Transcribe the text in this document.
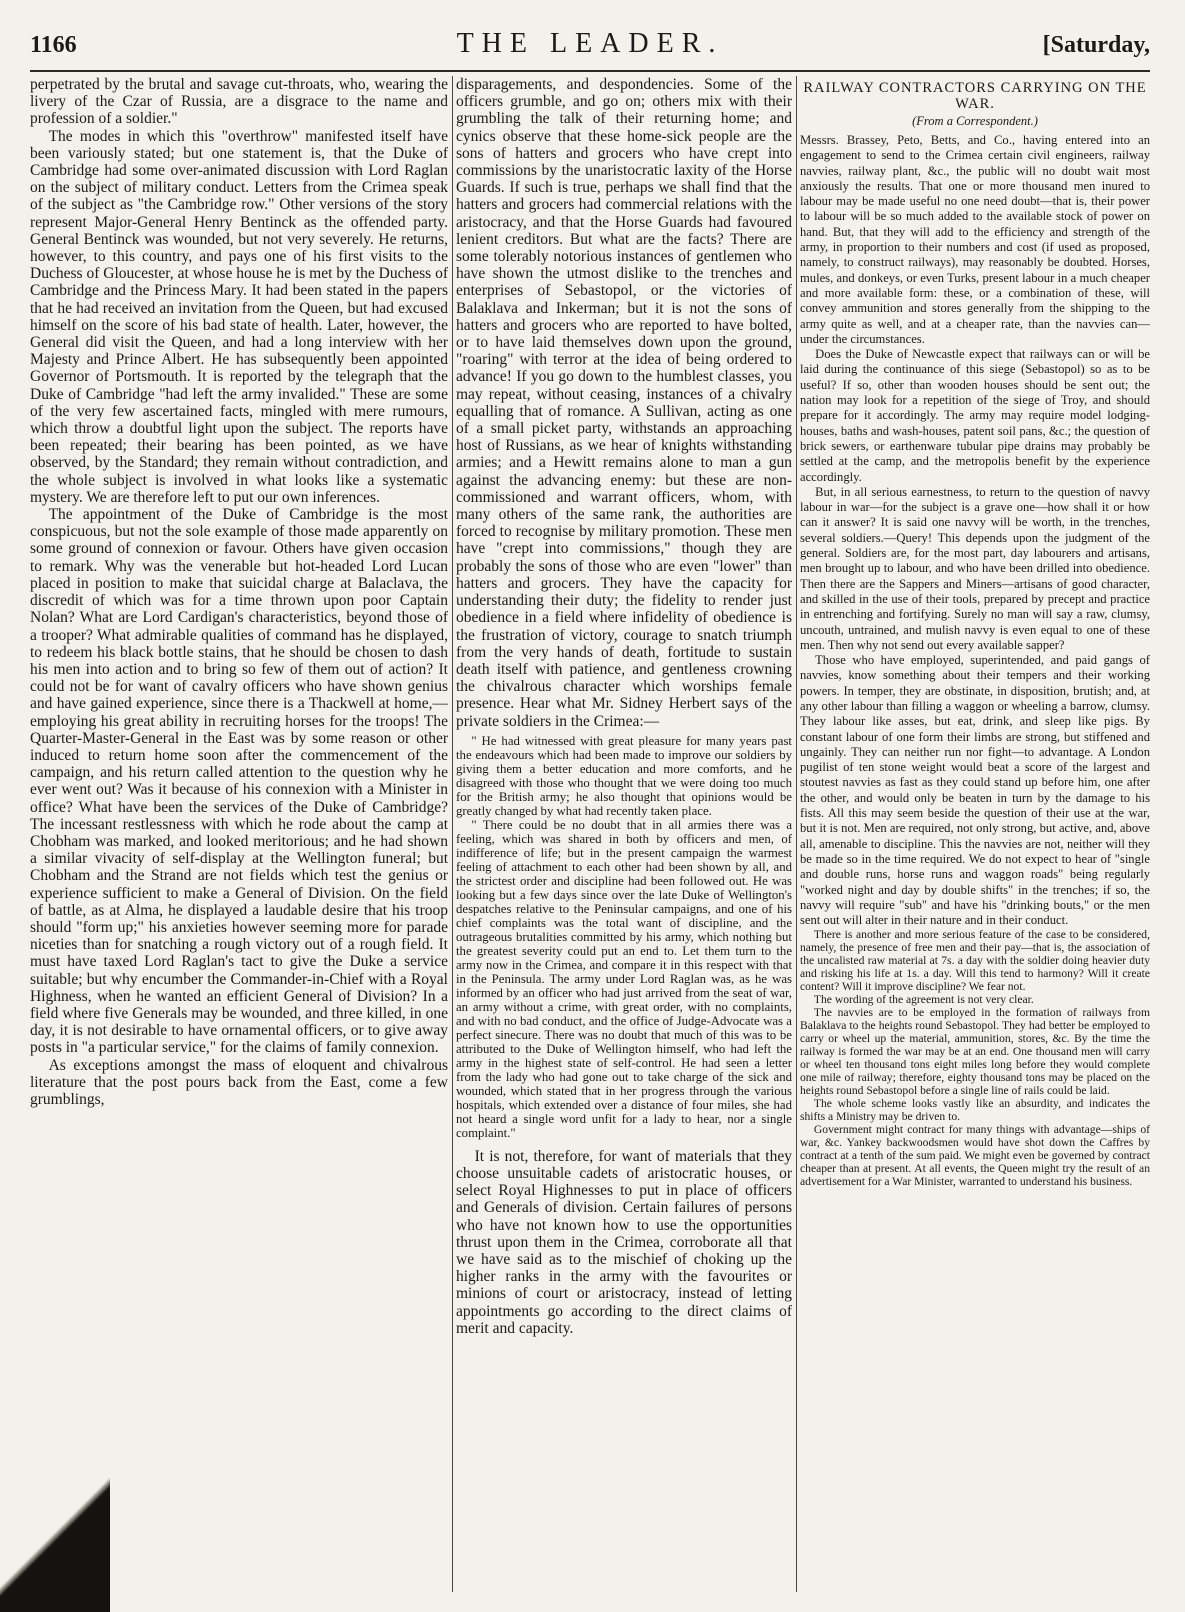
1166	THE LEADER.	[Saturday,

perpetrated by the brutal and savage cut-throats, who, wearing the livery of the Czar of Russia, are a disgrace to the name and profession of a soldier."

The modes in which this "overthrow" manifested itself have been variously stated; but one statement is, that the Duke of Cambridge had some over-animated discussion with Lord Raglan on the subject of military conduct. Letters from the Crimea speak of the subject as "the Cambridge row." Other versions of the story represent Major-General Henry Bentinck as the offended party. General Bentinck was wounded, but not very severely. He returns, however, to this country, and pays one of his first visits to the Duchess of Gloucester, at whose house he is met by the Duchess of Cambridge and the Princess Mary. It had been stated in the papers that he had received an invitation from the Queen, but had excused himself on the score of his bad state of health. Later, however, the General did visit the Queen, and had a long interview with her Majesty and Prince Albert. He has subsequently been appointed Governor of Portsmouth. It is reported by the telegraph that the Duke of Cambridge "had left the army invalided." These are some of the very few ascertained facts, mingled with mere rumours, which throw a doubtful light upon the subject. The reports have been repeated; their bearing has been pointed, as we have observed, by the Standard; they remain without contradiction, and the whole subject is involved in what looks like a systematic mystery. We are therefore left to put our own inferences.

The appointment of the Duke of Cambridge is the most conspicuous, but not the sole example of those made apparently on some ground of connexion or favour. Others have given occasion to remark. Why was the venerable but hot-headed Lord Lucan placed in position to make that suicidal charge at Balaclava, the discredit of which was for a time thrown upon poor Captain Nolan? What are Lord Cardigan's characteristics, beyond those of a trooper? What admirable qualities of command has he displayed, to redeem his black bottle stains, that he should be chosen to dash his men into action and to bring so few of them out of action? It could not be for want of cavalry officers who have shown genius and have gained experience, since there is a Thackwell at home,—employing his great ability in recruiting horses for the troops! The Quarter-Master-General in the East was by some reason or other induced to return home soon after the commencement of the campaign, and his return called attention to the question why he ever went out? Was it because of his connexion with a Minister in office? What have been the services of the Duke of Cambridge? The incessant restlessness with which he rode about the camp at Chobham was marked, and looked meritorious; and he had shown a similar vivacity of self-display at the Wellington funeral; but Chobham and the Strand are not fields which test the genius or experience sufficient to make a General of Division. On the field of battle, as at Alma, he displayed a laudable desire that his troop should "form up;" his anxieties however seeming more for parade niceties than for snatching a rough victory out of a rough field. It must have taxed Lord Raglan's tact to give the Duke a service suitable; but why encumber the Commander-in-Chief with a Royal Highness, when he wanted an efficient General of Division? In a field where five Generals may be wounded, and three killed, in one day, it is not desirable to have ornamental officers, or to give away posts in "a particular service," for the claims of family connexion.

As exceptions amongst the mass of eloquent and chivalrous literature that the post pours back from the East, come a few grumblings,

disparagements, and despondencies. Some of the officers grumble, and go on; others mix with their grumbling the talk of their returning home; and cynics observe that these home-sick people are the sons of hatters and grocers who have crept into commissions by the unaristocratic laxity of the Horse Guards. If such is true, perhaps we shall find that the hatters and grocers had commercial relations with the aristocracy, and that the Horse Guards had favoured lenient creditors. But what are the facts? There are some tolerably notorious instances of gentlemen who have shown the utmost dislike to the trenches and enterprises of Sebastopol, or the victories of Balaklava and Inkerman; but it is not the sons of hatters and grocers who are reported to have bolted, or to have laid themselves down upon the ground, "roaring" with terror at the idea of being ordered to advance! If you go down to the humblest classes, you may repeat, without ceasing, instances of a chivalry equalling that of romance. A Sullivan, acting as one of a small picket party, withstands an approaching host of Russians, as we hear of knights withstanding armies; and a Hewitt remains alone to man a gun against the advancing enemy: but these are non-commissioned and warrant officers, whom, with many others of the same rank, the authorities are forced to recognise by military promotion. These men have "crept into commissions," though they are probably the sons of those who are even "lower" than hatters and grocers. They have the capacity for understanding their duty; the fidelity to render just obedience in a field where infidelity of obedience is the frustration of victory, courage to snatch triumph from the very hands of death, fortitude to sustain death itself with patience, and gentleness crowning the chivalrous character which worships female presence. Hear what Mr. Sidney Herbert says of the private soldiers in the Crimea:—

" He had witnessed with great pleasure for many years past the endeavours which had been made to improve our soldiers by giving them a better education and more comforts, and he disagreed with those who thought that we were doing too much for the British army; he also thought that opinions would be greatly changed by what had recently taken place.

" There could be no doubt that in all armies there was a feeling, which was shared in both by officers and men, of indifference of life; but in the present campaign the warmest feeling of attachment to each other had been shown by all, and the strictest order and discipline had been followed out. He was looking but a few days since over the late Duke of Wellington's despatches relative to the Peninsular campaigns, and one of his chief complaints was the total want of discipline, and the outrageous brutalities committed by his army, which nothing but the greatest severity could put an end to. Let them turn to the army now in the Crimea, and compare it in this respect with that in the Peninsula. The army under Lord Raglan was, as he was informed by an officer who had just arrived from the seat of war, an army without a crime, with great order, with no complaints, and with no bad conduct, and the office of Judge-Advocate was a perfect sinecure. There was no doubt that much of this was to be attributed to the Duke of Wellington himself, who had left the army in the highest state of self-control. He had seen a letter from the lady who had gone out to take charge of the sick and wounded, which stated that in her progress through the various hospitals, which extended over a distance of four miles, she had not heard a single word unfit for a lady to hear, nor a single complaint."

It is not, therefore, for want of materials that they choose unsuitable cadets of aristocratic houses, or select Royal Highnesses to put in place of officers and Generals of division. Certain failures of persons who have not known how to use the opportunities thrust upon them in the Crimea, corroborate all that we have said as to the mischief of choking up the higher ranks in the army with the favourites or minions of court or aristocracy, instead of letting appointments go according to the direct claims of merit and capacity.

RAILWAY CONTRACTORS CARRYING ON THE WAR.
(From a Correspondent.)

Messrs. Brassey, Peto, Betts, and Co., having entered into an engagement to send to the Crimea certain civil engineers, railway navvies, railway plant, &c., the public will no doubt wait most anxiously the results. That one or more thousand men inured to labour may be made useful no one need doubt—that is, their power to labour will be so much added to the available stock of power on hand. But, that they will add to the efficiency and strength of the army, in proportion to their numbers and cost (if used as proposed, namely, to construct railways), may reasonably be doubted. Horses, mules, and donkeys, or even Turks, present labour in a much cheaper and more available form: these, or a combination of these, will convey ammunition and stores generally from the shipping to the army quite as well, and at a cheaper rate, than the navvies can—under the circumstances.

Does the Duke of Newcastle expect that railways can or will be laid during the continuance of this siege (Sebastopol) so as to be useful? If so, other than wooden houses should be sent out; the nation may look for a repetition of the siege of Troy, and should prepare for it accordingly. The army may require model lodging-houses, baths and wash-houses, patent soil pans, &c.; the question of brick sewers, or earthenware tubular pipe drains may probably be settled at the camp, and the metropolis benefit by the experience accordingly.

But, in all serious earnestness, to return to the question of navvy labour in war—for the subject is a grave one—how shall it or how can it answer? It is said one navvy will be worth, in the trenches, several soldiers.—Query! This depends upon the judgment of the general. Soldiers are, for the most part, day labourers and artisans, men brought up to labour, and who have been drilled into obedience. Then there are the Sappers and Miners—artisans of good character, and skilled in the use of their tools, prepared by precept and practice in entrenching and fortifying. Surely no man will say a raw, clumsy, uncouth, untrained, and mulish navvy is even equal to one of these men. Then why not send out every available sapper?

Those who have employed, superintended, and paid gangs of navvies, know something about their tempers and their working powers. In temper, they are obstinate, in disposition, brutish; and, at any other labour than filling a waggon or wheeling a barrow, clumsy. They labour like asses, but eat, drink, and sleep like pigs. By constant labour of one form their limbs are strong, but stiffened and ungainly. They can neither run nor fight—to advantage. A London pugilist of ten stone weight would beat a score of the largest and stoutest navvies as fast as they could stand up before him, one after the other, and would only be beaten in turn by the damage to his fists. All this may seem beside the question of their use at the war, but it is not. Men are required, not only strong, but active, and, above all, amenable to discipline. This the navvies are not, neither will they be made so in the time required. We do not expect to hear of "single and double runs, horse runs and waggon roads" being regularly "worked night and day by double shifts" in the trenches; if so, the navvy will require "sub" and have his "drinking bouts," or the men sent out will alter in their nature and in their conduct.

There is another and more serious feature of the case to be considered, namely, the presence of free men and their pay—that is, the association of the uncalisted raw material at 7s. a day with the soldier doing heavier duty and risking his life at 1s. a day. Will this tend to harmony? Will it create content? Will it improve discipline? We fear not.

The wording of the agreement is not very clear.

The navvies are to be employed in the formation of railways from Balaklava to the heights round Sebastopol. They had better be employed to carry or wheel up the material, ammunition, stores, &c. By the time the railway is formed the war may be at an end. One thousand men will carry or wheel ten thousand tons eight miles long before they would complete one mile of railway; therefore, eighty thousand tons may be placed on the heights round Sebastopol before a single line of rails could be laid.

The whole scheme looks vastly like an absurdity, and indicates the shifts a Ministry may be driven to.

Government might contract for many things with advantage—ships of war, &c. Yankey backwoodsmen would have shot down the Caffres by contract at a tenth of the sum paid. We might even be governed by contract cheaper than at present. At all events, the Queen might try the result of an advertisement for a War Minister, warranted to understand his business.
